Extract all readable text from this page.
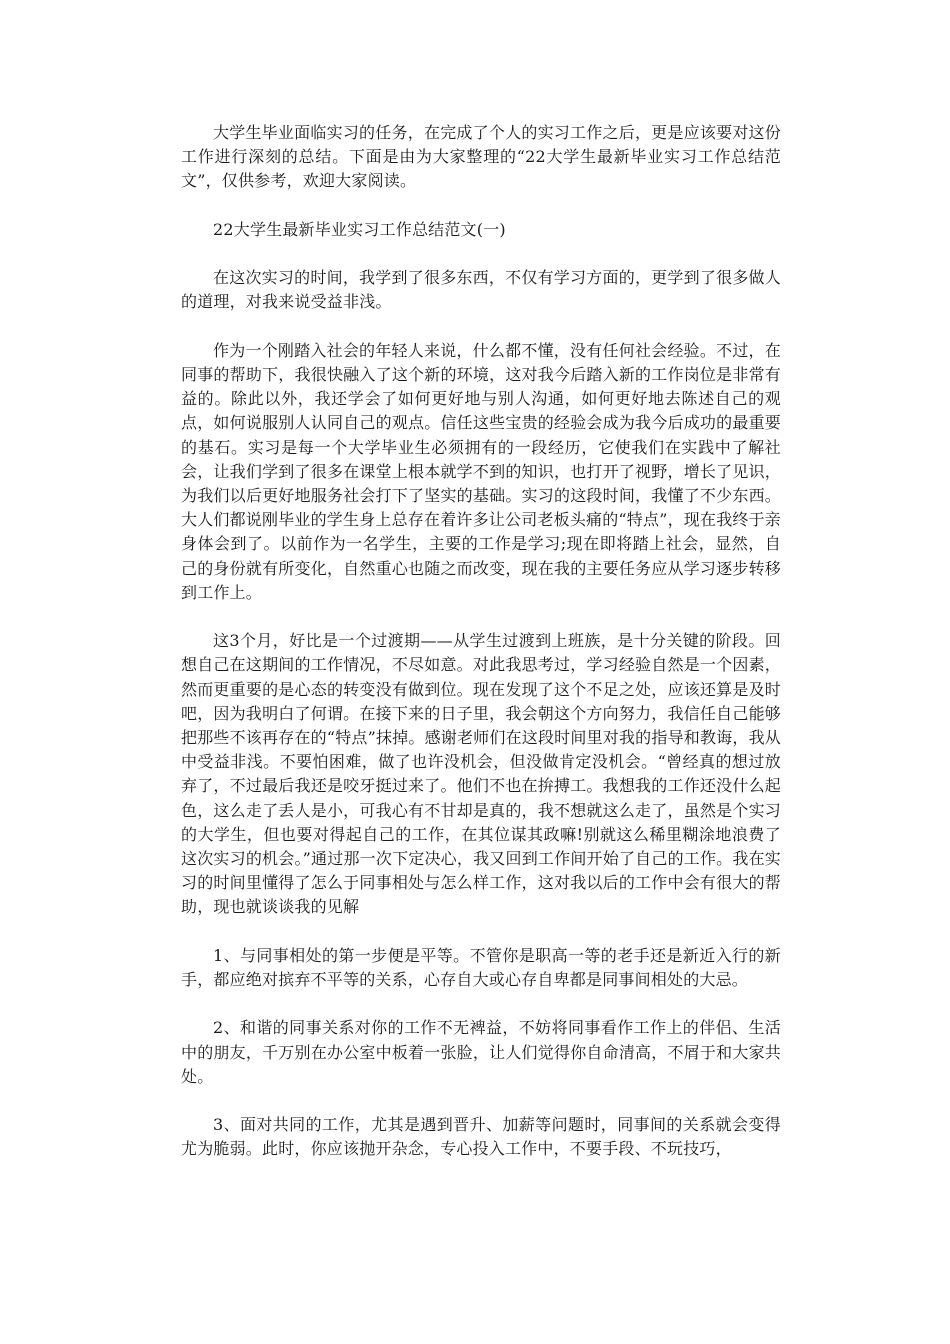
大学生毕业面临实习的任务，在完成了个人的实习工作之后，更是应该要对这份工作进行深刻的总结。下面是由为大家整理的“22大学生最新毕业实习工作总结范文”，仅供参考，欢迎大家阅读。

22大学生最新毕业实习工作总结范文(一)

在这次实习的时间，我学到了很多东西，不仅有学习方面的，更学到了很多做人的道理，对我来说受益非浅。

作为一个刚踏入社会的年轻人来说，什么都不懂，没有任何社会经验。不过，在同事的帮助下，我很快融入了这个新的环境，这对我今后踏入新的工作岗位是非常有益的。除此以外，我还学会了如何更好地与别人沟通，如何更好地去陈述自己的观点，如何说服别人认同自己的观点。信任这些宝贵的经验会成为我今后成功的最重要的基石。实习是每一个大学毕业生必须拥有的一段经历，它使我们在实践中了解社会，让我们学到了很多在课堂上根本就学不到的知识，也打开了视野，增长了见识，为我们以后更好地服务社会打下了坚实的基础。实习的这段时间，我懂了不少东西。大人们都说刚毕业的学生身上总存在着许多让公司老板头痛的“特点”，现在我终于亲身体会到了。以前作为一名学生，主要的工作是学习;现在即将踏上社会，显然，自己的身份就有所变化，自然重心也随之而改变，现在我的主要任务应从学习逐步转移到工作上。

这3个月，好比是一个过渡期——从学生过渡到上班族，是十分关键的阶段。回想自己在这期间的工作情况，不尽如意。对此我思考过，学习经验自然是一个因素，然而更重要的是心态的转变没有做到位。现在发现了这个不足之处，应该还算是及时吧，因为我明白了何谓。在接下来的日子里，我会朝这个方向努力，我信任自己能够把那些不该再存在的“特点”抹掉。感谢老师们在这段时间里对我的指导和教诲，我从中受益非浅。不要怕困难，做了也许没机会，但没做肯定没机会。“曾经真的想过放弃了，不过最后我还是咬牙挺过来了。他们不也在拚搏工。我想我的工作还没什么起色，这么走了丢人是小，可我心有不甘却是真的，我不想就这么走了，虽然是个实习的大学生，但也要对得起自己的工作，在其位谋其政嘛!别就这么稀里糊涂地浪费了这次实习的机会。”通过那一次下定决心，我又回到工作间开始了自己的工作。我在实习的时间里懂得了怎么于同事相处与怎么样工作，这对我以后的工作中会有很大的帮助，现也就谈谈我的见解

1、与同事相处的第一步便是平等。不管你是职高一等的老手还是新近入行的新手，都应绝对摈弃不平等的关系，心存自大或心存自卑都是同事间相处的大忌。

2、和谐的同事关系对你的工作不无裨益，不妨将同事看作工作上的伴侣、生活中的朋友，千万别在办公室中板着一张脸，让人们觉得你自命清高，不屑于和大家共处。

3、面对共同的工作，尤其是遇到晋升、加薪等问题时，同事间的关系就会变得尤为脆弱。此时，你应该抛开杂念，专心投入工作中，不要手段、不玩技巧，
